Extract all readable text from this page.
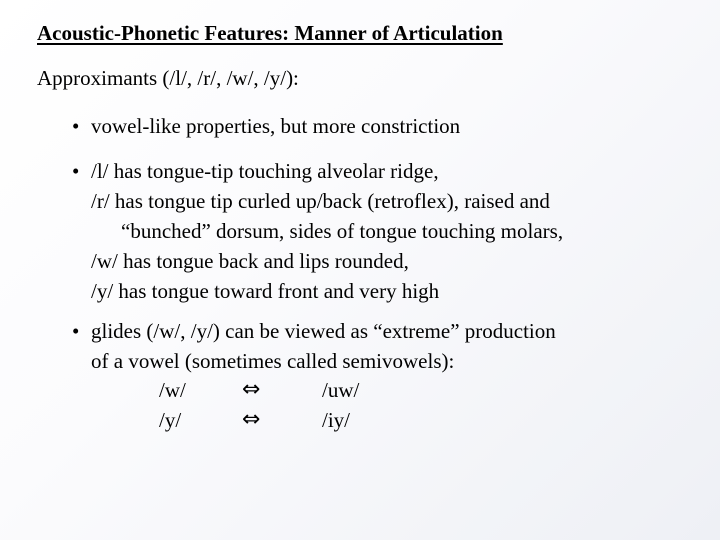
Acoustic-Phonetic Features: Manner of Articulation
Approximants (/l/, /r/, /w/, /y/):
• vowel-like properties, but more constriction
• /l/ has tongue-tip touching alveolar ridge,
/r/ has tongue tip curled up/back (retroflex), raised and
“bunched” dorsum, sides of tongue touching molars,
/w/ has tongue back and lips rounded,
/y/ has tongue toward front and very high
• glides (/w/, /y/) can be viewed as “extreme” production
of a vowel (sometimes called semivowels):
/w/	⇔	/uw/
/y/	⇔	/iy/
